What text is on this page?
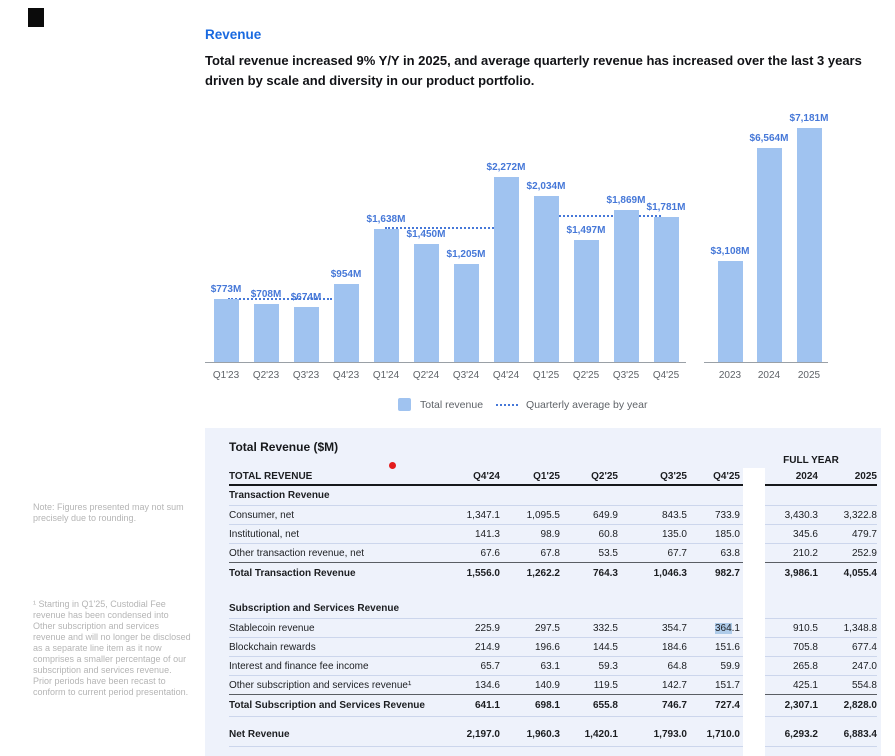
Revenue

Total revenue increased 9% Y/Y in 2025, and average quarterly revenue has increased over the last 3 years driven by scale and diversity in our product portfolio.

$773M
Q1'23
$708M
Q2'23
$674M
Q3'23
$954M
Q4'23
$1,638M
Q1'24
$1,450M
Q2'24
$1,205M
Q3'24
$2,272M
Q4'24
$2,034M
Q1'25
$1,497M
Q2'25
$1,869M
Q3'25
$1,781M
Q4'25
$3,108M
2023
$6,564M
2024
$7,181M
2025
Total revenue	Quarterly average by year
Note: Figures presented may not sum precisely due to rounding.
¹ Starting in Q1'25, Custodial Fee revenue has been condensed into Other subscription and services revenue and will no longer be disclosed as a separate line item as it now comprises a smaller percentage of our subscription and services revenue. Prior periods have been recast to conform to current period presentation.
Total Revenue ($M)
FULL YEAR
TOTAL REVENUE	Q4'24	Q1'25	Q2'25	Q3'25	Q4'25	2024	2025
Transaction Revenue
Consumer, net	1,347.1	1,095.5	649.9	843.5	733.9	3,430.3	3,322.8
Institutional, net	141.3	98.9	60.8	135.0	185.0	345.6	479.7
Other transaction revenue, net	67.6	67.8	53.5	67.7	63.8	210.2	252.9
Total Transaction Revenue	1,556.0	1,262.2	764.3	1,046.3	982.7	3,986.1	4,055.4
Subscription and Services Revenue
Stablecoin revenue	225.9	297.5	332.5	354.7	364.1	910.5	1,348.8
Blockchain rewards	214.9	196.6	144.5	184.6	151.6	705.8	677.4
Interest and finance fee income	65.7	63.1	59.3	64.8	59.9	265.8	247.0
Other subscription and services revenue¹	134.6	140.9	119.5	142.7	151.7	425.1	554.8
Total Subscription and Services Revenue	641.1	698.1	655.8	746.7	727.4	2,307.1	2,828.0
Net Revenue	2,197.0	1,960.3	1,420.1	1,793.0	1,710.0	6,293.2	6,883.4
